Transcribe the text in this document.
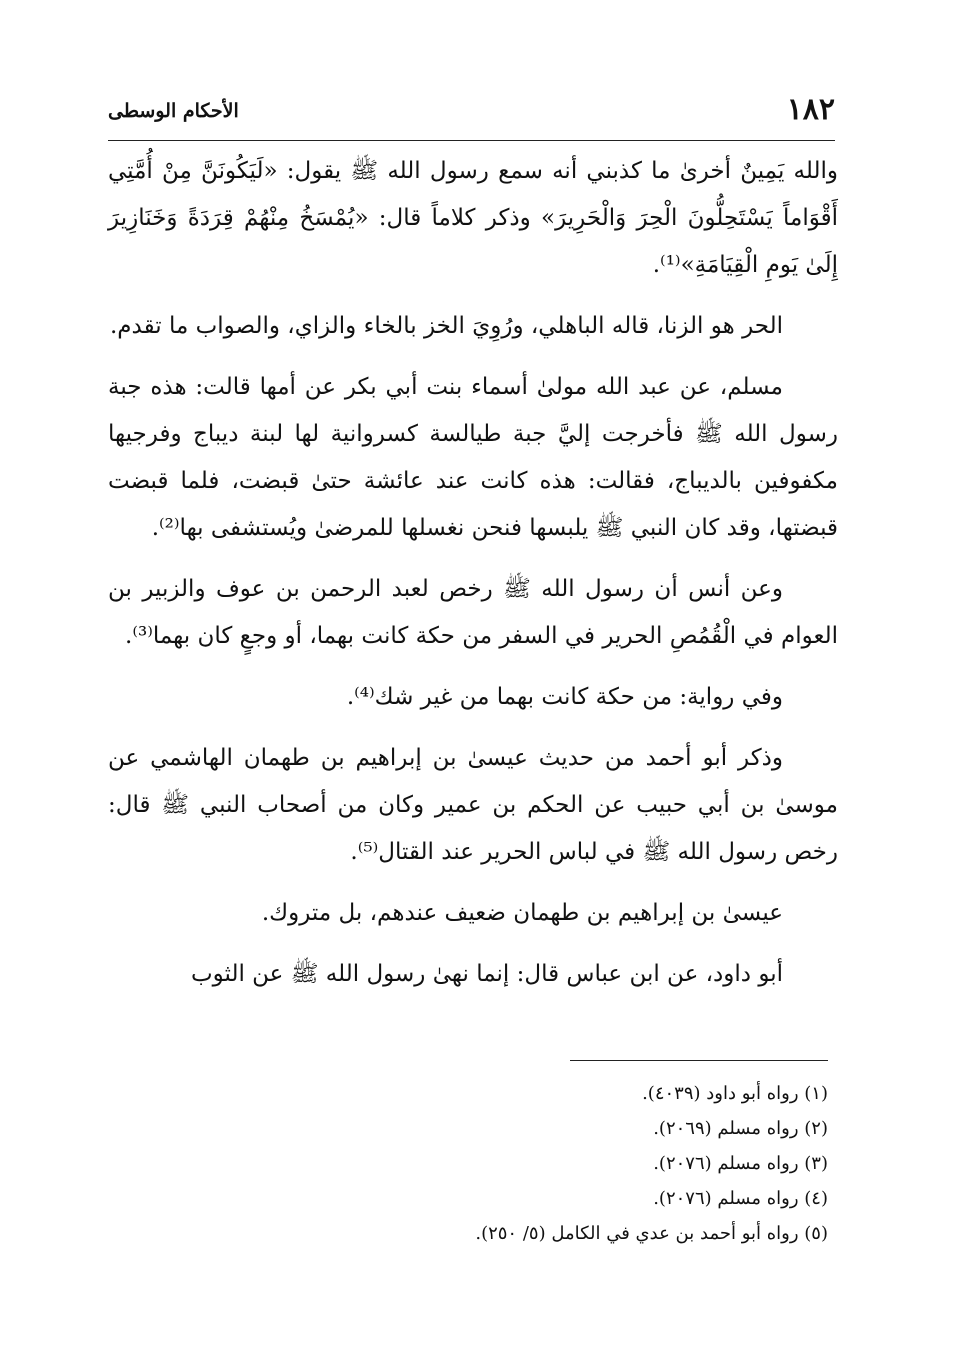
١٨٢
الأحكام الوسطى

والله يَمِينٌ أخرىٰ ما كذبني أنه سمع رسول الله ﷺ يقول: «لَيَكُونَنَّ مِنْ أُمَّتِي أَقْوَاماً يَسْتَحِلُّونَ الْحِرَ وَالْحَرِيرَ» وذكر كلاماً قال: «يُمْسَخُ مِنْهُمْ قِرَدَةً وَخَنَازِيرَ إِلَىٰ يَومِ الْقِيَامَةِ»⁽¹⁾.

الحر هو الزنا، قاله الباهلي، ورُوِيَ الخز بالخاء والزاي، والصواب ما تقدم.

مسلم، عن عبد الله مولىٰ أسماء بنت أبي بكر عن أمها قالت: هذه جبة رسول الله ﷺ فأخرجت إليَّ جبة طيالسة كسروانية لها لبنة ديباج وفرجيها مكفوفين بالديباج، فقالت: هذه كانت عند عائشة حتىٰ قبضت، فلما قبضت قبضتها، وقد كان النبي ﷺ يلبسها فنحن نغسلها للمرضىٰ ويُستشفى بها⁽²⁾.

وعن أنس أن رسول الله ﷺ رخص لعبد الرحمن بن عوف والزبير بن العوام في الْقُمُصِ الحرير في السفر من حكة كانت بهما، أو وجعٍ كان بهما⁽³⁾.

وفي رواية: من حكة كانت بهما من غير شك⁽⁴⁾.

وذكر أبو أحمد من حديث عيسىٰ بن إبراهيم بن طهمان الهاشمي عن موسىٰ بن أبي حبيب عن الحكم بن عمير وكان من أصحاب النبي ﷺ قال: رخص رسول الله ﷺ في لباس الحرير عند القتال⁽⁵⁾.

عيسىٰ بن إبراهيم بن طهمان ضعيف عندهم، بل متروك.

أبو داود، عن ابن عباس قال: إنما نهىٰ رسول الله ﷺ عن الثوب

(١) رواه أبو داود (٤٠٣٩).

(٢) رواه مسلم (٢٠٦٩).

(٣) رواه مسلم (٢٠٧٦).

(٤) رواه مسلم (٢٠٧٦).

(٥) رواه أبو أحمد بن عدي في الكامل (٥/ ٢٥٠).
